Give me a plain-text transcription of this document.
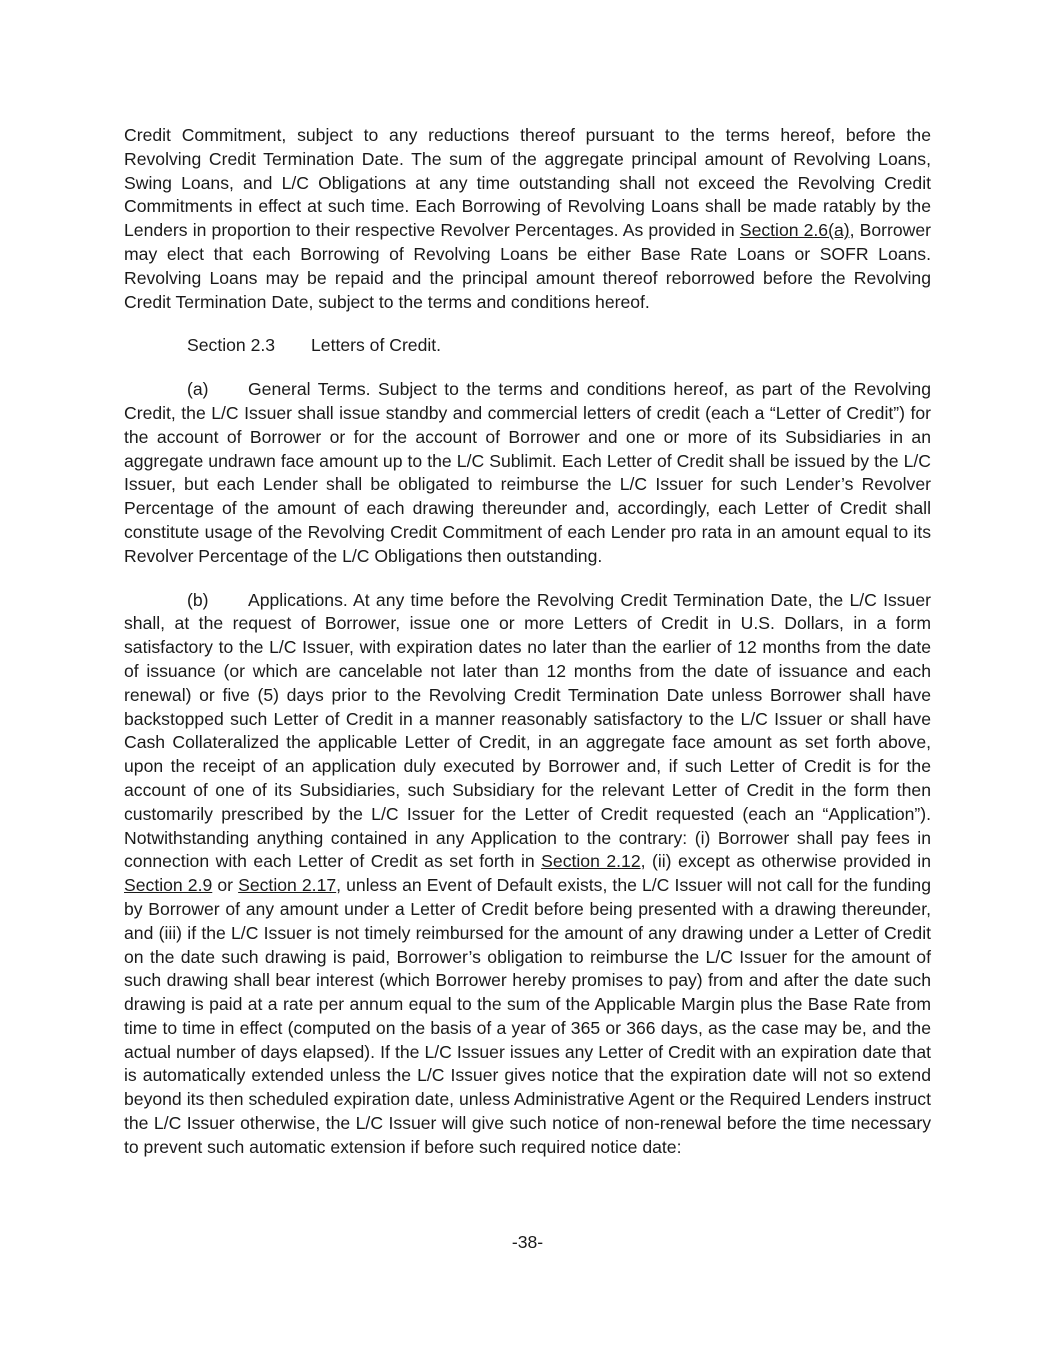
Credit Commitment, subject to any reductions thereof pursuant to the terms hereof, before the Revolving Credit Termination Date. The sum of the aggregate principal amount of Revolving Loans, Swing Loans, and L/C Obligations at any time outstanding shall not exceed the Revolving Credit Commitments in effect at such time. Each Borrowing of Revolving Loans shall be made ratably by the Lenders in proportion to their respective Revolver Percentages. As provided in Section 2.6(a), Borrower may elect that each Borrowing of Revolving Loans be either Base Rate Loans or SOFR Loans. Revolving Loans may be repaid and the principal amount thereof reborrowed before the Revolving Credit Termination Date, subject to the terms and conditions hereof.

Section 2.3 Letters of Credit.

(a) General Terms. Subject to the terms and conditions hereof, as part of the Revolving Credit, the L/C Issuer shall issue standby and commercial letters of credit (each a “Letter of Credit”) for the account of Borrower or for the account of Borrower and one or more of its Subsidiaries in an aggregate undrawn face amount up to the L/C Sublimit. Each Letter of Credit shall be issued by the L/C Issuer, but each Lender shall be obligated to reimburse the L/C Issuer for such Lender’s Revolver Percentage of the amount of each drawing thereunder and, accordingly, each Letter of Credit shall constitute usage of the Revolving Credit Commitment of each Lender pro rata in an amount equal to its Revolver Percentage of the L/C Obligations then outstanding.

(b) Applications. At any time before the Revolving Credit Termination Date, the L/C Issuer shall, at the request of Borrower, issue one or more Letters of Credit in U.S. Dollars, in a form satisfactory to the L/C Issuer, with expiration dates no later than the earlier of 12 months from the date of issuance (or which are cancelable not later than 12 months from the date of issuance and each renewal) or five (5) days prior to the Revolving Credit Termination Date unless Borrower shall have backstopped such Letter of Credit in a manner reasonably satisfactory to the L/C Issuer or shall have Cash Collateralized the applicable Letter of Credit, in an aggregate face amount as set forth above, upon the receipt of an application duly executed by Borrower and, if such Letter of Credit is for the account of one of its Subsidiaries, such Subsidiary for the relevant Letter of Credit in the form then customarily prescribed by the L/C Issuer for the Letter of Credit requested (each an “Application”). Notwithstanding anything contained in any Application to the contrary: (i) Borrower shall pay fees in connection with each Letter of Credit as set forth in Section 2.12, (ii) except as otherwise provided in Section 2.9 or Section 2.17, unless an Event of Default exists, the L/C Issuer will not call for the funding by Borrower of any amount under a Letter of Credit before being presented with a drawing thereunder, and (iii) if the L/C Issuer is not timely reimbursed for the amount of any drawing under a Letter of Credit on the date such drawing is paid, Borrower’s obligation to reimburse the L/C Issuer for the amount of such drawing shall bear interest (which Borrower hereby promises to pay) from and after the date such drawing is paid at a rate per annum equal to the sum of the Applicable Margin plus the Base Rate from time to time in effect (computed on the basis of a year of 365 or 366 days, as the case may be, and the actual number of days elapsed). If the L/C Issuer issues any Letter of Credit with an expiration date that is automatically extended unless the L/C Issuer gives notice that the expiration date will not so extend beyond its then scheduled expiration date, unless Administrative Agent or the Required Lenders instruct the L/C Issuer otherwise, the L/C Issuer will give such notice of non-renewal before the time necessary to prevent such automatic extension if before such required notice date:

-38-
